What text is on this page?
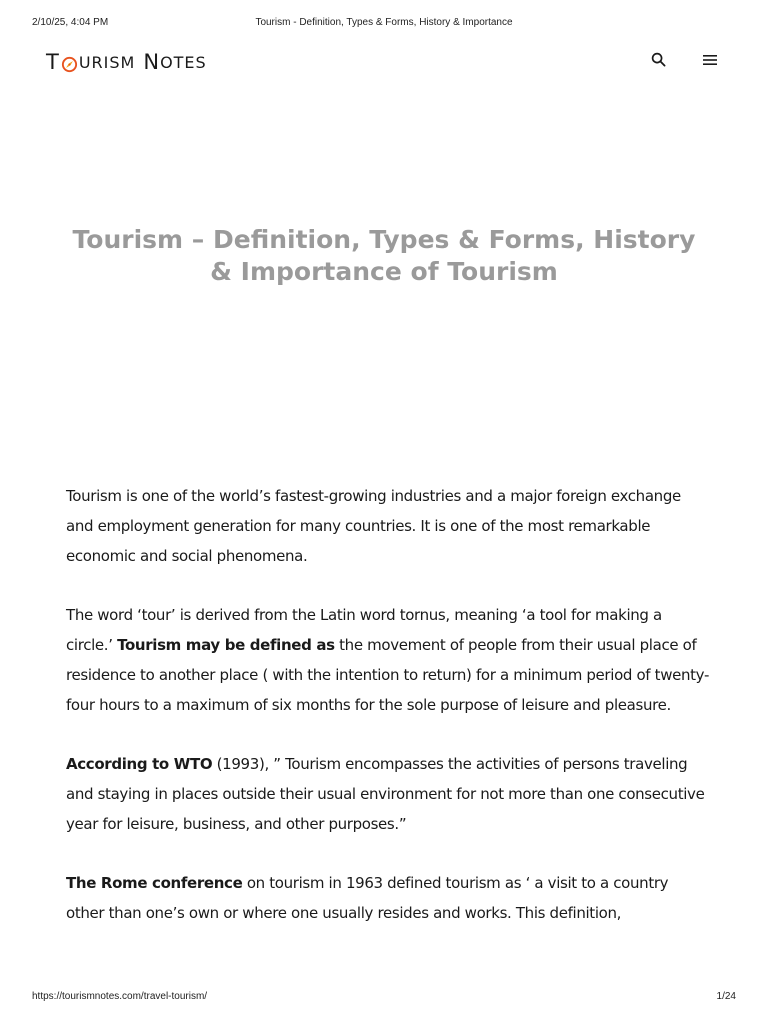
2/10/25, 4:04 PM	Tourism - Definition, Types & Forms, History & Importance
T URISM N OTES
Tourism – Definition, Types & Forms, History & Importance of Tourism

Tourism is one of the world’s fastest-growing industries and a major foreign exchange and employment generation for many countries. It is one of the most remarkable economic and social phenomena.

The word ‘tour’ is derived from the Latin word tornus, meaning ‘a tool for making a circle.’ Tourism may be defined as the movement of people from their usual place of residence to another place ( with the intention to return) for a minimum period of twenty-four hours to a maximum of six months for the sole purpose of leisure and pleasure.

According to WTO (1993), ” Tourism encompasses the activities of persons traveling and staying in places outside their usual environment for not more than one consecutive year for leisure, business, and other purposes.”

The Rome conference on tourism in 1963 defined tourism as ‘ a visit to a country other than one’s own or where one usually resides and works. This definition,

https://tourismnotes.com/travel-tourism/	1/24
